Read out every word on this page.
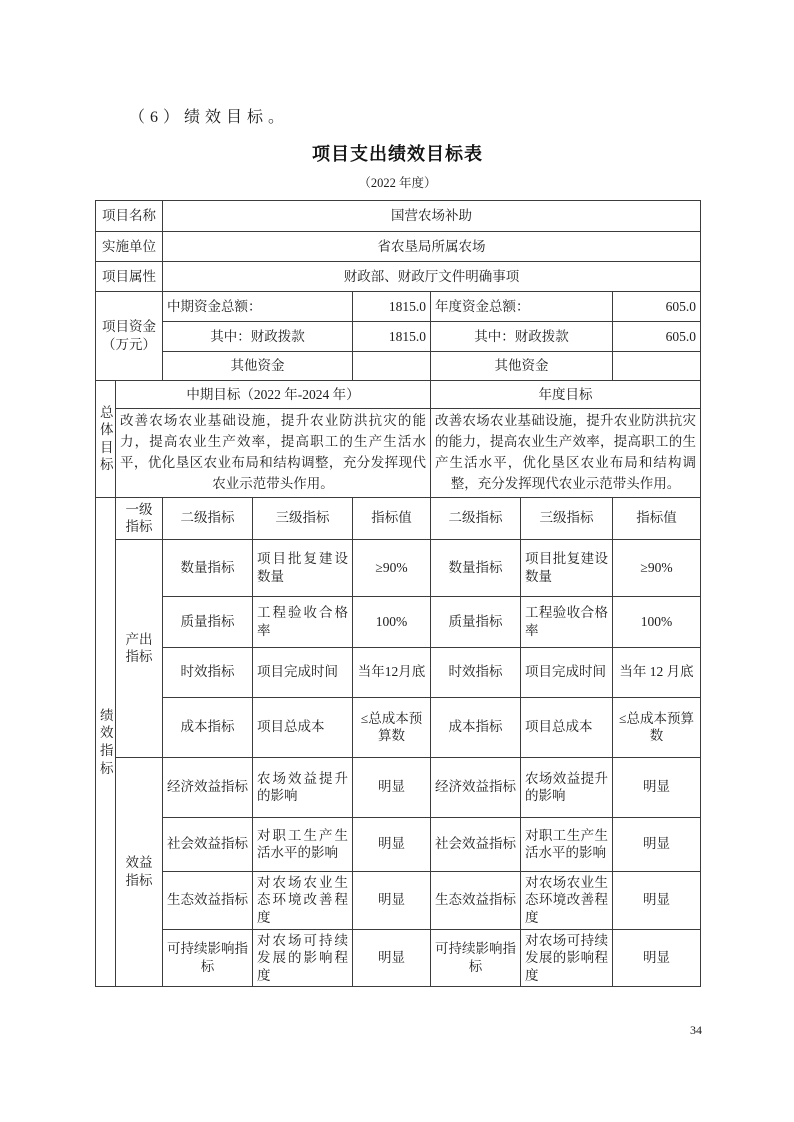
（6）绩效目标。
项目支出绩效目标表
（2022 年度）
项目名称		国营农场补助					
实施单位		省农垦局所属农场					
项目属性		财政部、财政厅文件明确事项					
项目资金（万元）		中期资金总额：		1815.0	年度资金总额：		605.0
		其中：财政拨款		1815.0	其中：财政拨款		605.0
		其他资金			其他资金		
总体目标	中期目标（2022 年-2024 年）				年度目标		
	改善农场农业基础设施，提升农业防洪抗灾的能力，提高农业生产效率，提高职工的生产生活水平，优化垦区农业布局和结构调整，充分发挥现代农业示范带头作用。				改善农场农业基础设施，提升农业防洪抗灾的能力，提高农业生产效率，提高职工的生产生活水平，优化垦区农业布局和结构调整，充分发挥现代农业示范带头作用。		
绩效指标	一级指标	二级指标	三级指标	指标值	二级指标	三级指标	指标值
	产出指标	数量指标	项目批复建设数量	≥90%	数量指标	项目批复建设数量	≥90%
		质量指标	工程验收合格率	100%	质量指标	工程验收合格率	100%
		时效指标	项目完成时间	当年12月底	时效指标	项目完成时间	当年 12 月底
		成本指标	项目总成本	≤总成本预算数	成本指标	项目总成本	≤总成本预算数
	效益指标	经济效益指标	农场效益提升的影响	明显	经济效益指标	农场效益提升的影响	明显
		社会效益指标	对职工生产生活水平的影响	明显	社会效益指标	对职工生产生活水平的影响	明显
		生态效益指标	对农场农业生态环境改善程度	明显	生态效益指标	对农场农业生态环境改善程度	明显
		可持续影响指标	对农场可持续发展的影响程度	明显	可持续影响指标	对农场可持续发展的影响程度	明显
34
